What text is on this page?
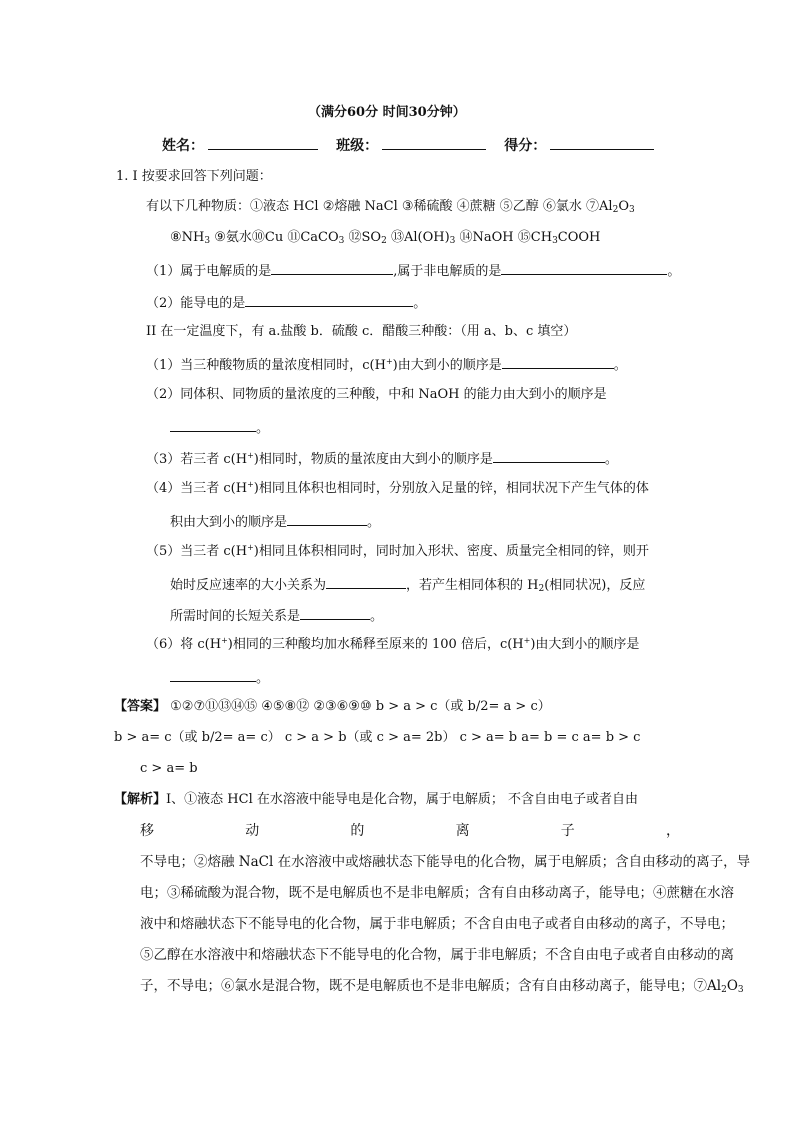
（满分60分 时间30分钟）
姓名：	班级：	得分：
1. I 按要求回答下列问题：
有以下几种物质：①液态 HCl ②熔融 NaCl ③稀硫酸 ④蔗糖 ⑤乙醇 ⑥氯水 $⑦Al_2O_3$
$⑧NH_3$ ⑨氨水⑩Cu ⑪CaCO$_3$ $⑫SO_2$ $⑬Al(OH)_3$ ⑭NaOH $⑮CH_3COOH$
（1）属于电解质的是	,属于非电解质的是	。
（2）能导电的是	。
II 在一定温度下，有 a.盐酸 b．硫酸 c．醋酸三种酸：（用 a、b、c 填空）
（1）当三种酸物质的量浓度相同时，c(H+)由大到小的顺序是	。
（2）同体积、同物质的量浓度的三种酸，中和 NaOH 的能力由大到小的顺序是
。
（3）若三者 c(H+)相同时，物质的量浓度由大到小的顺序是	。
（4）当三者 c(H+)相同且体积也相同时，分别放入足量的锌，相同状况下产生气体的体
积由大到小的顺序是	。
（5）当三者 c(H+)相同且体积相同时，同时加入形状、密度、质量完全相同的锌，则开
始时反应速率的大小关系为	，若产生相同体积的 $H_2$(相同状况)，反应
所需时间的长短关系是	。
（6）将 c(H+)相同的三种酸均加水稀释至原来的 100 倍后，c(H+)由大到小的顺序是
。
【答案】 ①②⑦⑪⑬⑭⑮ ④⑤⑧⑫ ②③⑥⑨⑩ b > a > c（或 b/2= a > c）
b > a= c（或 b/2= a= c） c > a > b（或 c > a= 2b） c > a= b a= b = c a= b > c
c > a= b
【解析】I、①液态 HCl 在水溶液中能导电是化合物，属于电解质； 不含自由电子或者自由
移	动	的	离	子	，
不导电；②熔融 NaCl 在水溶液中或熔融状态下能导电的化合物，属于电解质；含自由移动的离子，导
电；③稀硫酸为混合物，既不是电解质也不是非电解质；含有自由移动离子，能导电；④蔗糖在水溶
液中和熔融状态下不能导电的化合物，属于非电解质；不含自由电子或者自由移动的离子，不导电；
⑤乙醇在水溶液中和熔融状态下不能导电的化合物，属于非电解质；不含自由电子或者自由移动的离
子，不导电；⑥氯水是混合物，既不是电解质也不是非电解质；含有自由移动离子，能导电；$⑦Al_2O_3$
